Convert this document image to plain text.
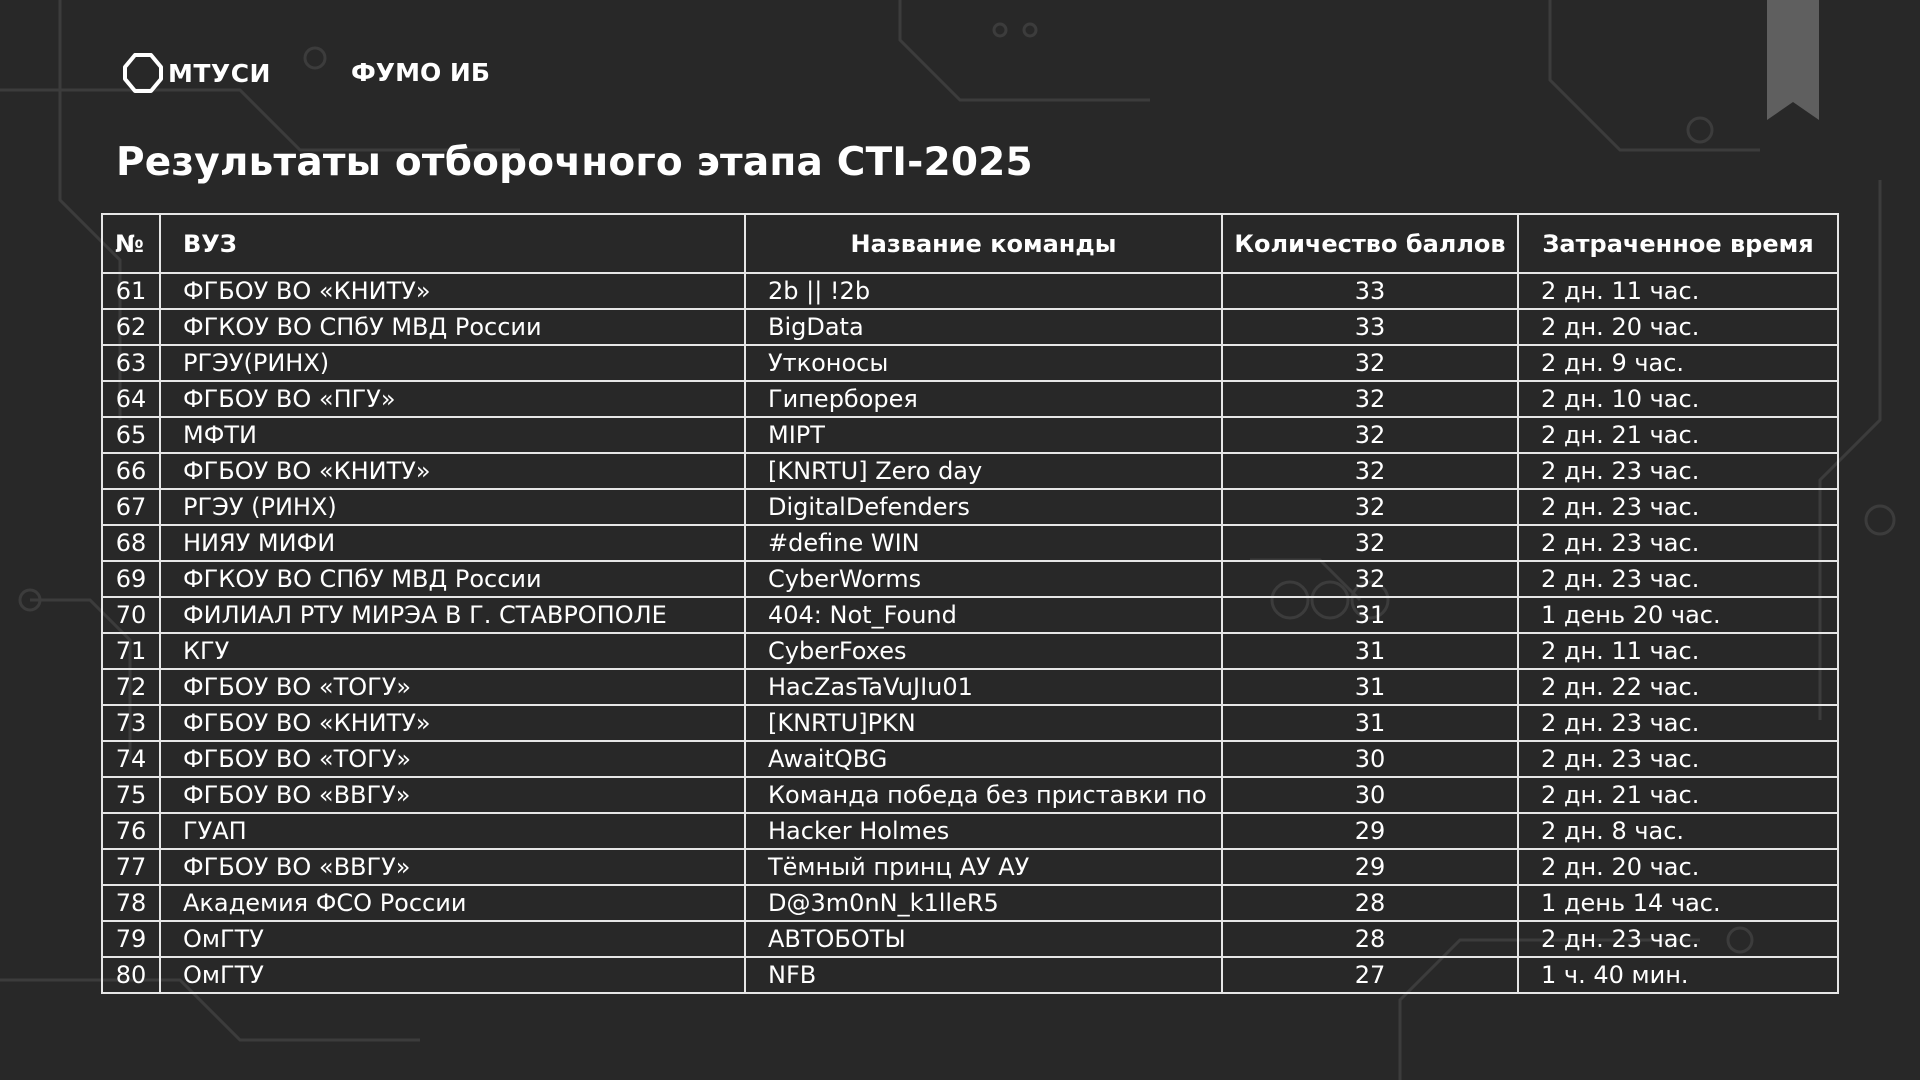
МТУСИ	ФУМО ИБ
Результаты отборочного этапа CTI-2025
№	ВУЗ	Название команды	Количество баллов	Затраченное время
61	ФГБОУ ВО «КНИТУ»	2b || !2b	33	2 дн. 11 час.
62	ФГКОУ ВО СПбУ МВД России	BigData	33	2 дн. 20 час.
63	РГЭУ(РИНХ)	Утконосы	32	2 дн. 9 час.
64	ФГБОУ ВО «ПГУ»	Гиперборея	32	2 дн. 10 час.
65	МФТИ	MIPT	32	2 дн. 21 час.
66	ФГБОУ ВО «КНИТУ»	[KNRTU] Zero day	32	2 дн. 23 час.
67	РГЭУ (РИНХ)	DigitalDefenders	32	2 дн. 23 час.
68	НИЯУ МИФИ	#define WIN	32	2 дн. 23 час.
69	ФГКОУ ВО СПбУ МВД России	CyberWorms	32	2 дн. 23 час.
70	ФИЛИАЛ РТУ МИРЭА В Г. СТАВРОПОЛЕ	404: Not_Found	31	1 день 20 час.
71	КГУ	CyberFoxes	31	2 дн. 11 час.
72	ФГБОУ ВО «ТОГУ»	HacZasTaVuJIu01	31	2 дн. 22 час.
73	ФГБОУ ВО «КНИТУ»	[KNRTU]PKN	31	2 дн. 23 час.
74	ФГБОУ ВО «ТОГУ»	AwaitQBG	30	2 дн. 23 час.
75	ФГБОУ ВО «ВВГУ»	Команда победа без приставки по	30	2 дн. 21 час.
76	ГУАП	Hacker Holmes	29	2 дн. 8 час.
77	ФГБОУ ВО «ВВГУ»	Тёмный принц АУ АУ	29	2 дн. 20 час.
78	Академия ФСО России	D@3m0nN_k1lleR5	28	1 день 14 час.
79	ОмГТУ	АВТОБОТЫ	28	2 дн. 23 час.
80	ОмГТУ	NFB	27	1 ч. 40 мин.
